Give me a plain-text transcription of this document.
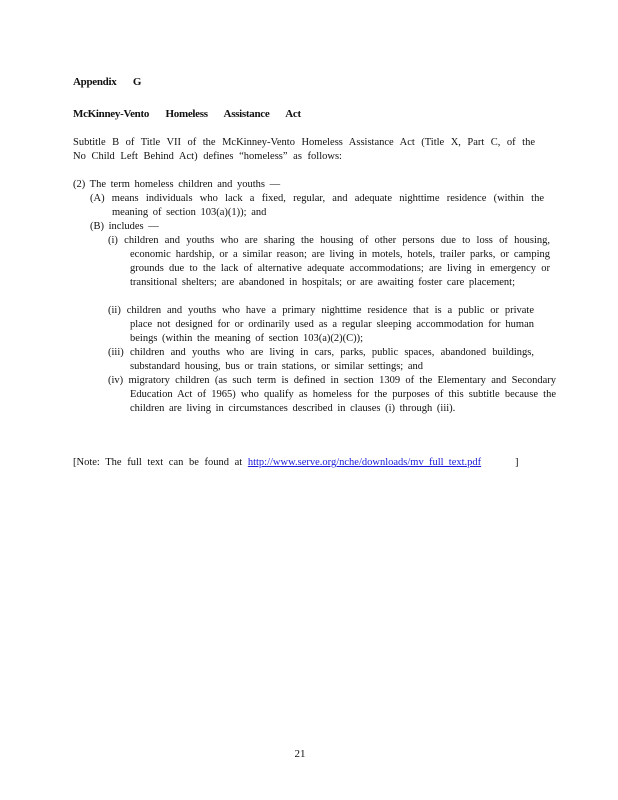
Appendix G
McKinney-Vento Homeless Assistance Act
Subtitle B of Title VII of the McKinney-Vento Homeless Assistance Act (Title X, Part C, of the No Child Left Behind Act) defines “homeless” as follows:
(2) The term homeless children and youths —
(A) means individuals who lack a fixed, regular, and adequate nighttime residence (within the meaning of section 103(a)(1)); and
(B) includes —
(i) children and youths who are sharing the housing of other persons due to loss of housing, economic hardship, or a similar reason; are living in motels, hotels, trailer parks, or camping grounds due to the lack of alternative adequate accommodations; are living in emergency or transitional shelters; are abandoned in hospitals; or are awaiting foster care placement;
(ii) children and youths who have a primary nighttime residence that is a public or private place not designed for or ordinarily used as a regular sleeping accommodation for human beings (within the meaning of section 103(a)(2)(C));
(iii) children and youths who are living in cars, parks, public spaces, abandoned buildings, substandard housing, bus or train stations, or similar settings; and
(iv) migratory children (as such term is defined in section 1309 of the Elementary and Secondary Education Act of 1965) who qualify as homeless for the purposes of this subtitle because the children are living in circumstances described in clauses (i) through (iii).
[Note: The full text can be found at http://www.serve.org/nche/downloads/mv_full_text.pdf	]
21
